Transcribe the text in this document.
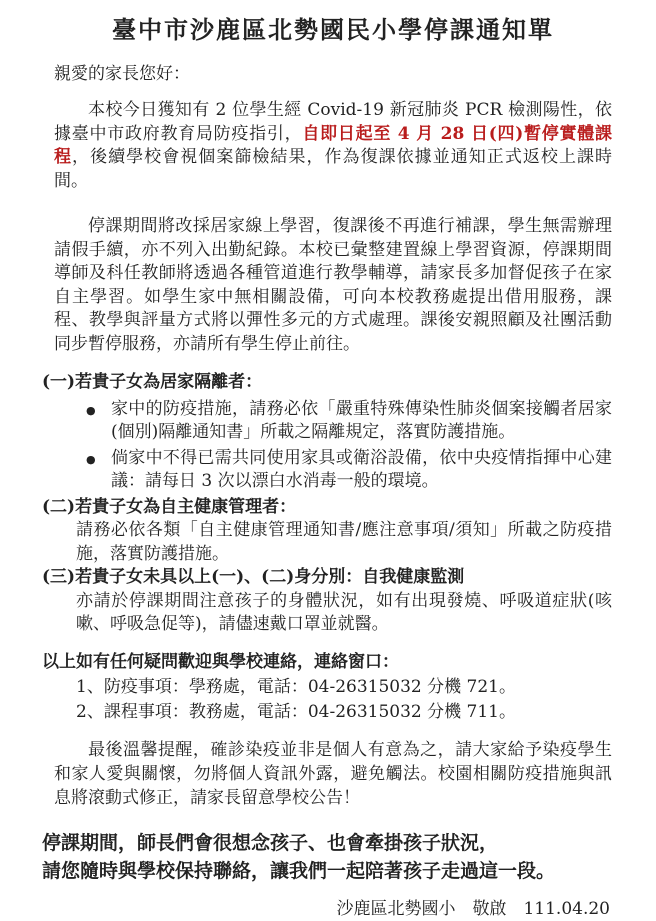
臺中市沙鹿區北勢國民小學停課通知單

親愛的家長您好：

本校今日獲知有 2 位學生經 Covid-19 新冠肺炎 PCR 檢測陽性，依據臺中市政府教育局防疫指引，自即日起至 4 月 28 日(四)暫停實體課程，後續學校會視個案篩檢結果，作為復課依據並通知正式返校上課時間。

停課期間將改採居家線上學習，復課後不再進行補課，學生無需辦理請假手續，亦不列入出勤紀錄。本校已彙整建置線上學習資源，停課期間導師及科任教師將透過各種管道進行教學輔導，請家長多加督促孩子在家自主學習。如學生家中無相關設備，可向本校教務處提出借用服務，課程、教學與評量方式將以彈性多元的方式處理。課後安親照顧及社團活動同步暫停服務，亦請所有學生停止前往。

(一)若貴子女為居家隔離者：
● 家中的防疫措施，請務必依「嚴重特殊傳染性肺炎個案接觸者居家(個別)隔離通知書」所載之隔離規定，落實防護措施。
● 倘家中不得已需共同使用家具或衛浴設備，依中央疫情指揮中心建議：請每日 3 次以漂白水消毒一般的環境。
(二)若貴子女為自主健康管理者：

請務必依各類「自主健康管理通知書/應注意事項/須知」所載之防疫措施，落實防護措施。

(三)若貴子女未具以上(一)、(二)身分別：自我健康監測

亦請於停課期間注意孩子的身體狀況，如有出現發燒、呼吸道症狀(咳嗽、呼吸急促等)，請儘速戴口罩並就醫。

以上如有任何疑問歡迎與學校連絡，連絡窗口：

1、防疫事項：學務處，電話：04-26315032 分機 721。

2、課程事項：教務處，電話：04-26315032 分機 711。

最後溫馨提醒，確診染疫並非是個人有意為之，請大家給予染疫學生和家人愛與關懷，勿將個人資訊外露，避免觸法。校園相關防疫措施與訊息將滾動式修正，請家長留意學校公告！

停課期間，師長們會很想念孩子、也會牽掛孩子狀況，

請您隨時與學校保持聯絡，讓我們一起陪著孩子走過這一段。

沙鹿區北勢國小　敬啟　111.04.20
